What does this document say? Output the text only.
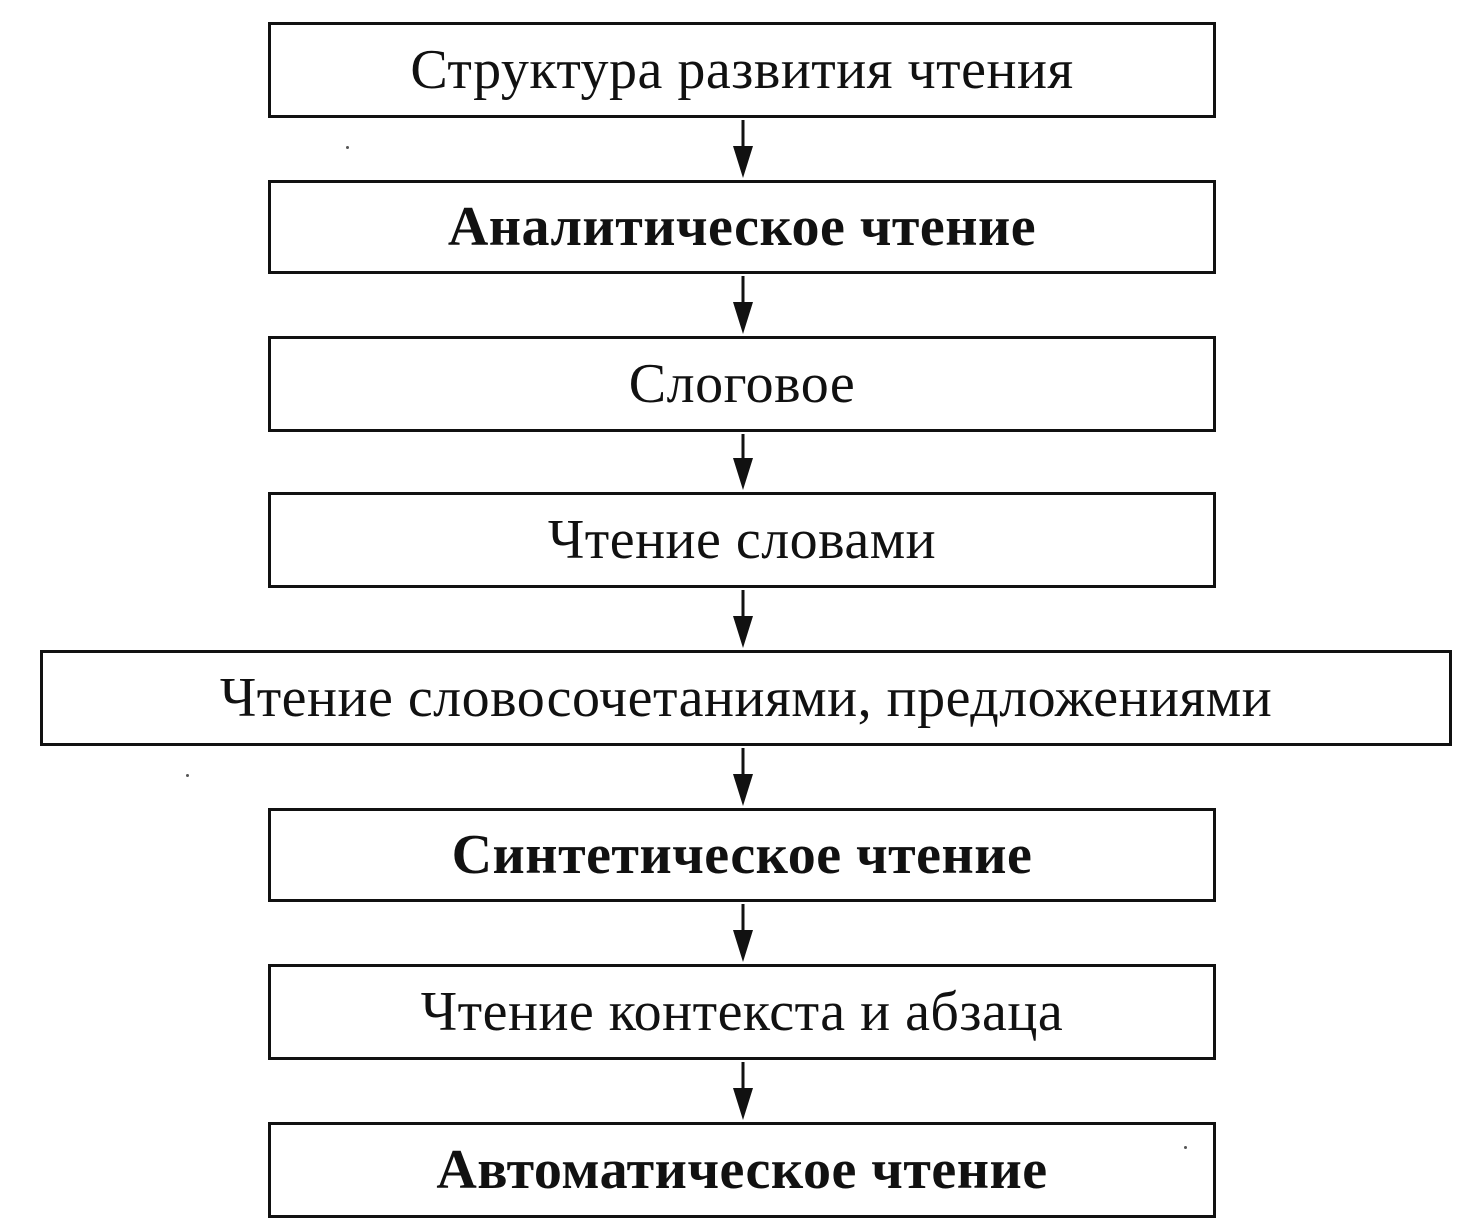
Структура развития чтения
Аналитическое чтение
Слоговое
Чтение словами
Чтение словосочетаниями, предложениями
Синтетическое чтение
Чтение контекста и абзаца
Автоматическое чтение
